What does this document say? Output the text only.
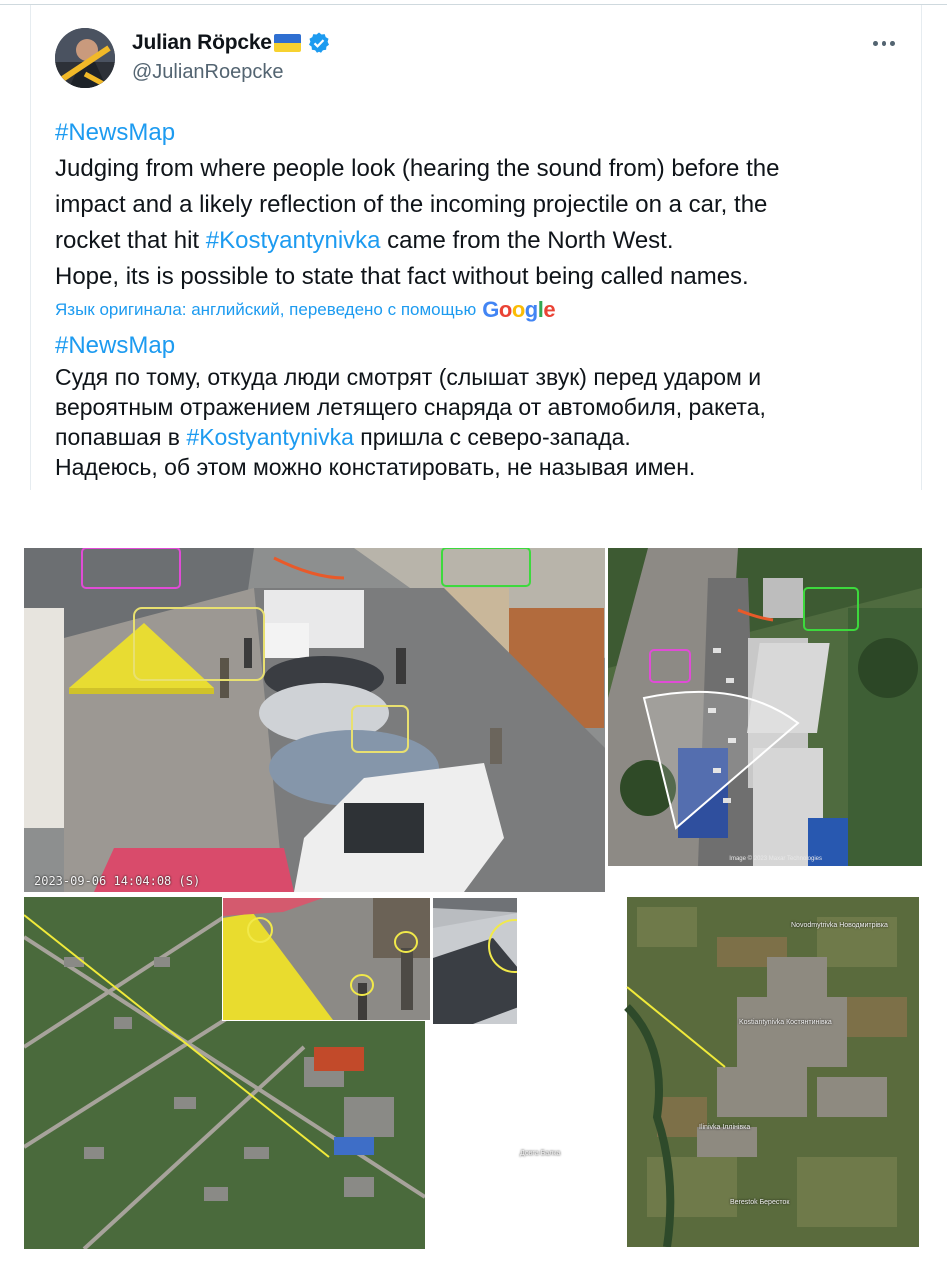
Julian Röpcke
@JulianRoepcke
#NewsMap
Judging from where people look (hearing the sound from) before the
impact and a likely reflection of the incoming projectile on a car, the
rocket that hit #Kostyantynivka came from the North West.
Hope, its is possible to state that fact without being called names.
Язык оригинала: английский, переведено с помощью Google
#NewsMap
Судя по тому, откуда люди смотрят (слышат звук) перед ударом и
вероятным отражением летящего снаряда от автомобиля, ракета,
попавшая в #Kostyantynivka пришла с северо-запада.
Надеюсь, об этом можно констатировать, не называя имен.
2023-09-06 14:04:08 (S)
Image © 2023 Maxar Technologies
Novodmytrivka Новодмитрівка
Kostiantynivka Костянтинівка
Ilinivka Іллінівка
Довга Балка
Berestok Бересток
